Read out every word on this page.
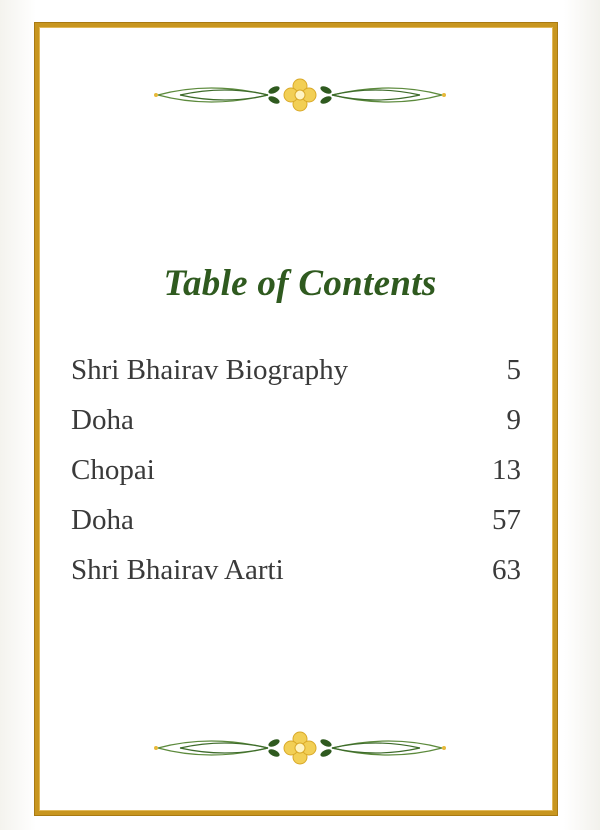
Table of Contents
Shri Bhairav Biography	5
Doha	9
Chopai	13
Doha	57
Shri Bhairav Aarti	63
